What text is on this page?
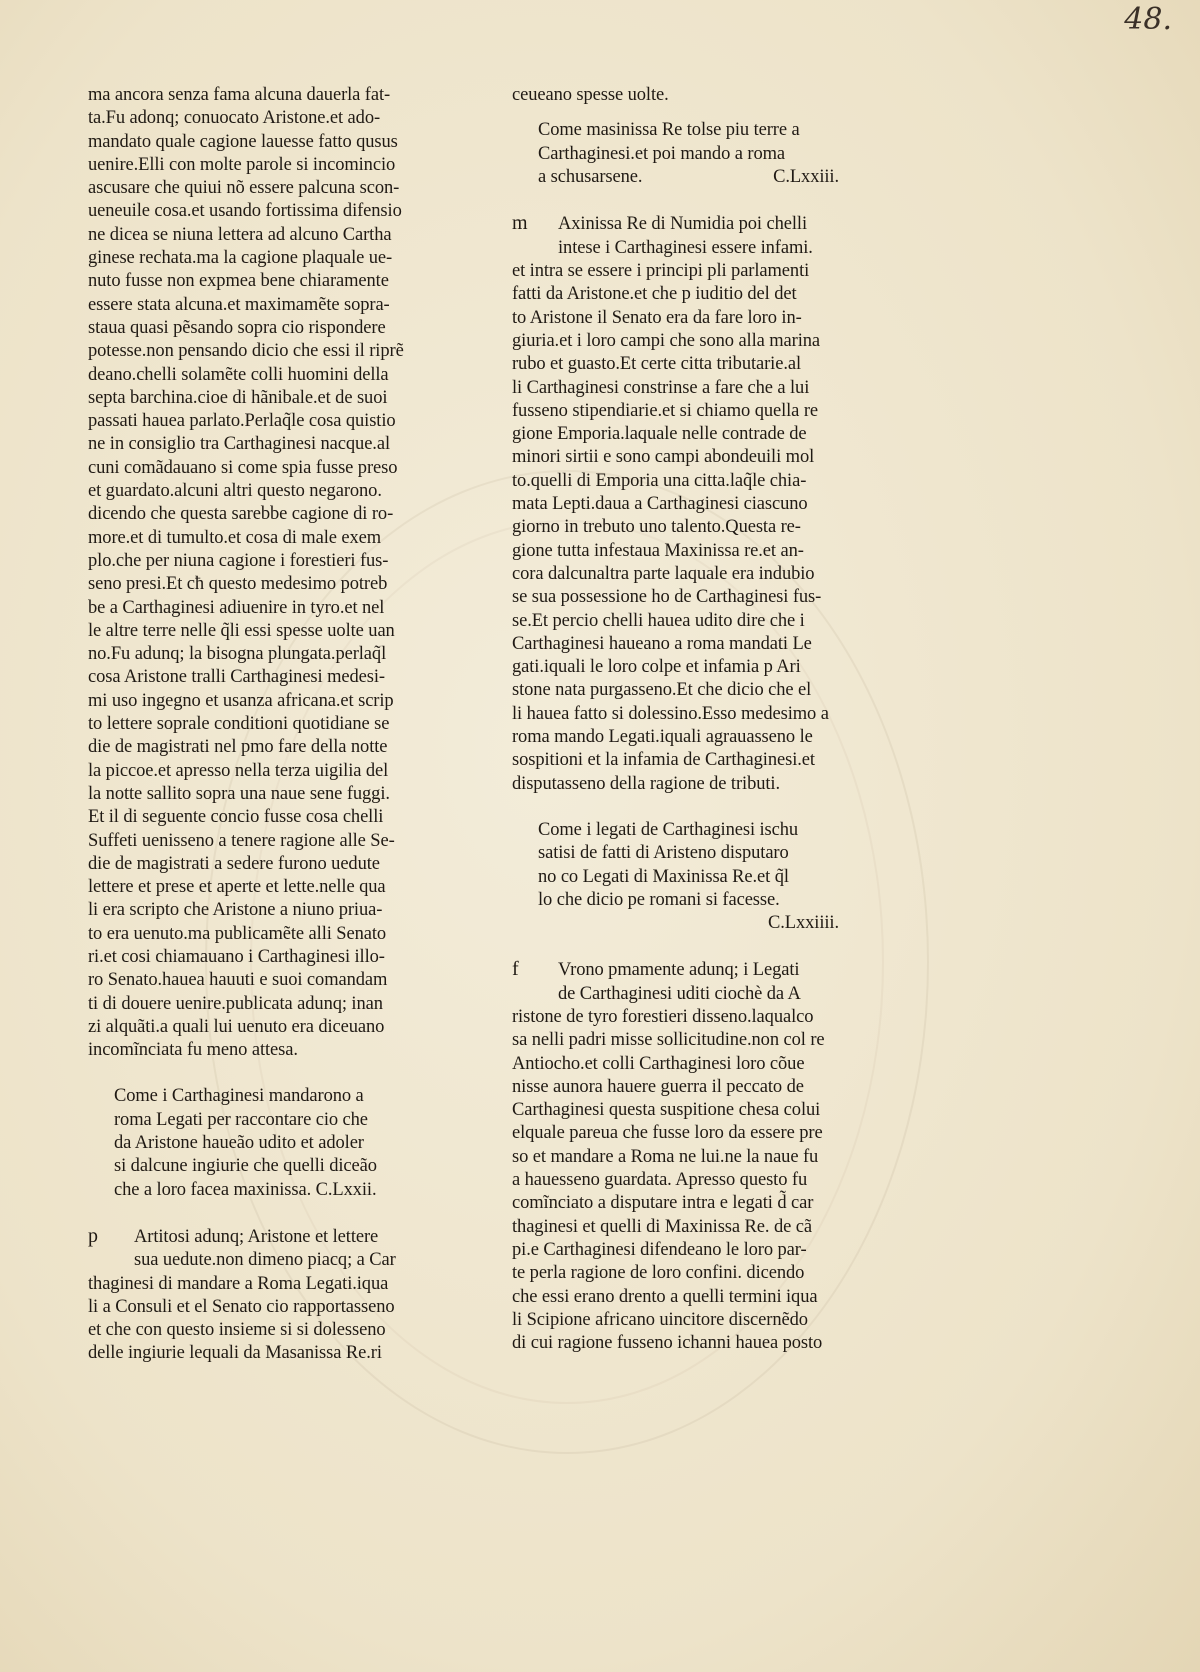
48.
ma ancora senza fama alcuna dauerla fat-
ta.Fu adonq; conuocato Aristone.et ado-
mandato quale cagione lauesse fatto qusus
uenire.Elli con molte parole si incomincio
ascusare che quiui nõ essere palcuna scon-
ueneuile cosa.et usando fortissima difensio
ne dicea se niuna lettera ad alcuno Cartha
ginese rechata.ma la cagione plaquale ue-
nuto fusse non expmea bene chiaramente
essere stata alcuna.et maximamẽte sopra-
staua quasi pẽsando sopra cio rispondere
potesse.non pensando dicio che essi il riprẽ
deano.chelli solamẽte colli huomini della
septa barchina.cioe di hãnibale.et de suoi
passati hauea parlato.Perlaq̃le cosa quistio
ne in consiglio tra Carthaginesi nacque.al
cuni comãdauano si come spia fusse preso
et guardato.alcuni altri questo negarono.
dicendo che questa sarebbe cagione di ro-
more.et di tumulto.et cosa di male exem
plo.che per niuna cagione i forestieri fus-
seno presi.Et cħ questo medesimo potreb
be a Carthaginesi adiuenire in tyro.et nel
le altre terre nelle q̃li essi spesse uolte uan
no.Fu adunq; la bisogna plungata.perlaq̃l
cosa Aristone tralli Carthaginesi medesi-
mi uso ingegno et usanza africana.et scrip
to lettere soprale conditioni quotidiane se
die de magistrati nel pmo fare della notte
la piccoe.et apresso nella terza uigilia del
la notte sallito sopra una naue sene fuggi.
Et il di seguente concio fusse cosa chelli
Suffeti uenisseno a tenere ragione alle Se-
die de magistrati a sedere furono uedute
lettere et prese et aperte et lette.nelle qua
li era scripto che Aristone a niuno priua-
to era uenuto.ma publicamẽte alli Senato
ri.et cosi chiamauano i Carthaginesi illo-
ro Senato.hauea hauuti e suoi comandam
ti di douere uenire.publicata adunq; inan
zi alquãti.a quali lui uenuto era diceuano
incomĩnciata fu meno attesa.
Come i Carthaginesi mandarono a
roma Legati per raccontare cio che
da Aristone haueão udito et adoler
si dalcune ingiurie che quelli diceão
che a loro facea maxinissa. C.Lxxii.
p	Artitosi adunq; Aristone et lettere
sua uedute.non dimeno piacq; a Car
thaginesi di mandare a Roma Legati.iqua
li a Consuli et el Senato cio rapportasseno
et che con questo insieme si si dolesseno
delle ingiurie lequali da Masanissa Re.ri
ceueano spesse uolte.
Come masinissa Re tolse piu terre a
Carthaginesi.et poi mando a roma
a schusarsene.	C.Lxxiii.
m	Axinissa Re di Numidia poi chelli
intese i Carthaginesi essere infami.
et intra se essere i principi pli parlamenti
fatti da Aristone.et che p iuditio del det
to Aristone il Senato era da fare loro in-
giuria.et i loro campi che sono alla marina
rubo et guasto.Et certe citta tributarie.al
li Carthaginesi constrinse a fare che a lui
fusseno stipendiarie.et si chiamo quella re
gione Emporia.laquale nelle contrade de
minori sirtii e sono campi abondeuili mol
to.quelli di Emporia una citta.laq̃le chia-
mata Lepti.daua a Carthaginesi ciascuno
giorno in trebuto uno talento.Questa re-
gione tutta infestaua Maxinissa re.et an-
cora dalcunaltra parte laquale era indubio
se sua possessione ho de Carthaginesi fus-
se.Et percio chelli hauea udito dire che i
Carthaginesi haueano a roma mandati Le
gati.iquali le loro colpe et infamia p Ari
stone nata purgasseno.Et che dicio che el
li hauea fatto si dolessino.Esso medesimo a
roma mando Legati.iquali agrauasseno le
sospitioni et la infamia de Carthaginesi.et
disputasseno della ragione de tributi.
Come i legati de Carthaginesi ischu
satisi de fatti di Aristeno disputaro
no co Legati di Maxinissa Re.et q̃l
lo che dicio pe romani si facesse.
C.Lxxiiii.
f	Vrono pmamente adunq; i Legati
de Carthaginesi uditi ciochè da A
ristone de tyro forestieri disseno.laqualco
sa nelli padri misse sollicitudine.non col re
Antiocho.et colli Carthaginesi loro cõue
nisse aunora hauere guerra il peccato de
Carthaginesi questa suspitione chesa colui
elquale pareua che fusse loro da essere pre
so et mandare a Roma ne lui.ne la naue fu
a hauesseno guardata. Apresso questo fu
comĩnciato a disputare intra e legati d̃ car
thaginesi et quelli di Maxinissa Re. de cã
pi.e Carthaginesi difendeano le loro par-
te perla ragione de loro confini. dicendo
che essi erano drento a quelli termini iqua
li Scipione africano uincitore discernẽdo
di cui ragione fusseno ichanni hauea posto
